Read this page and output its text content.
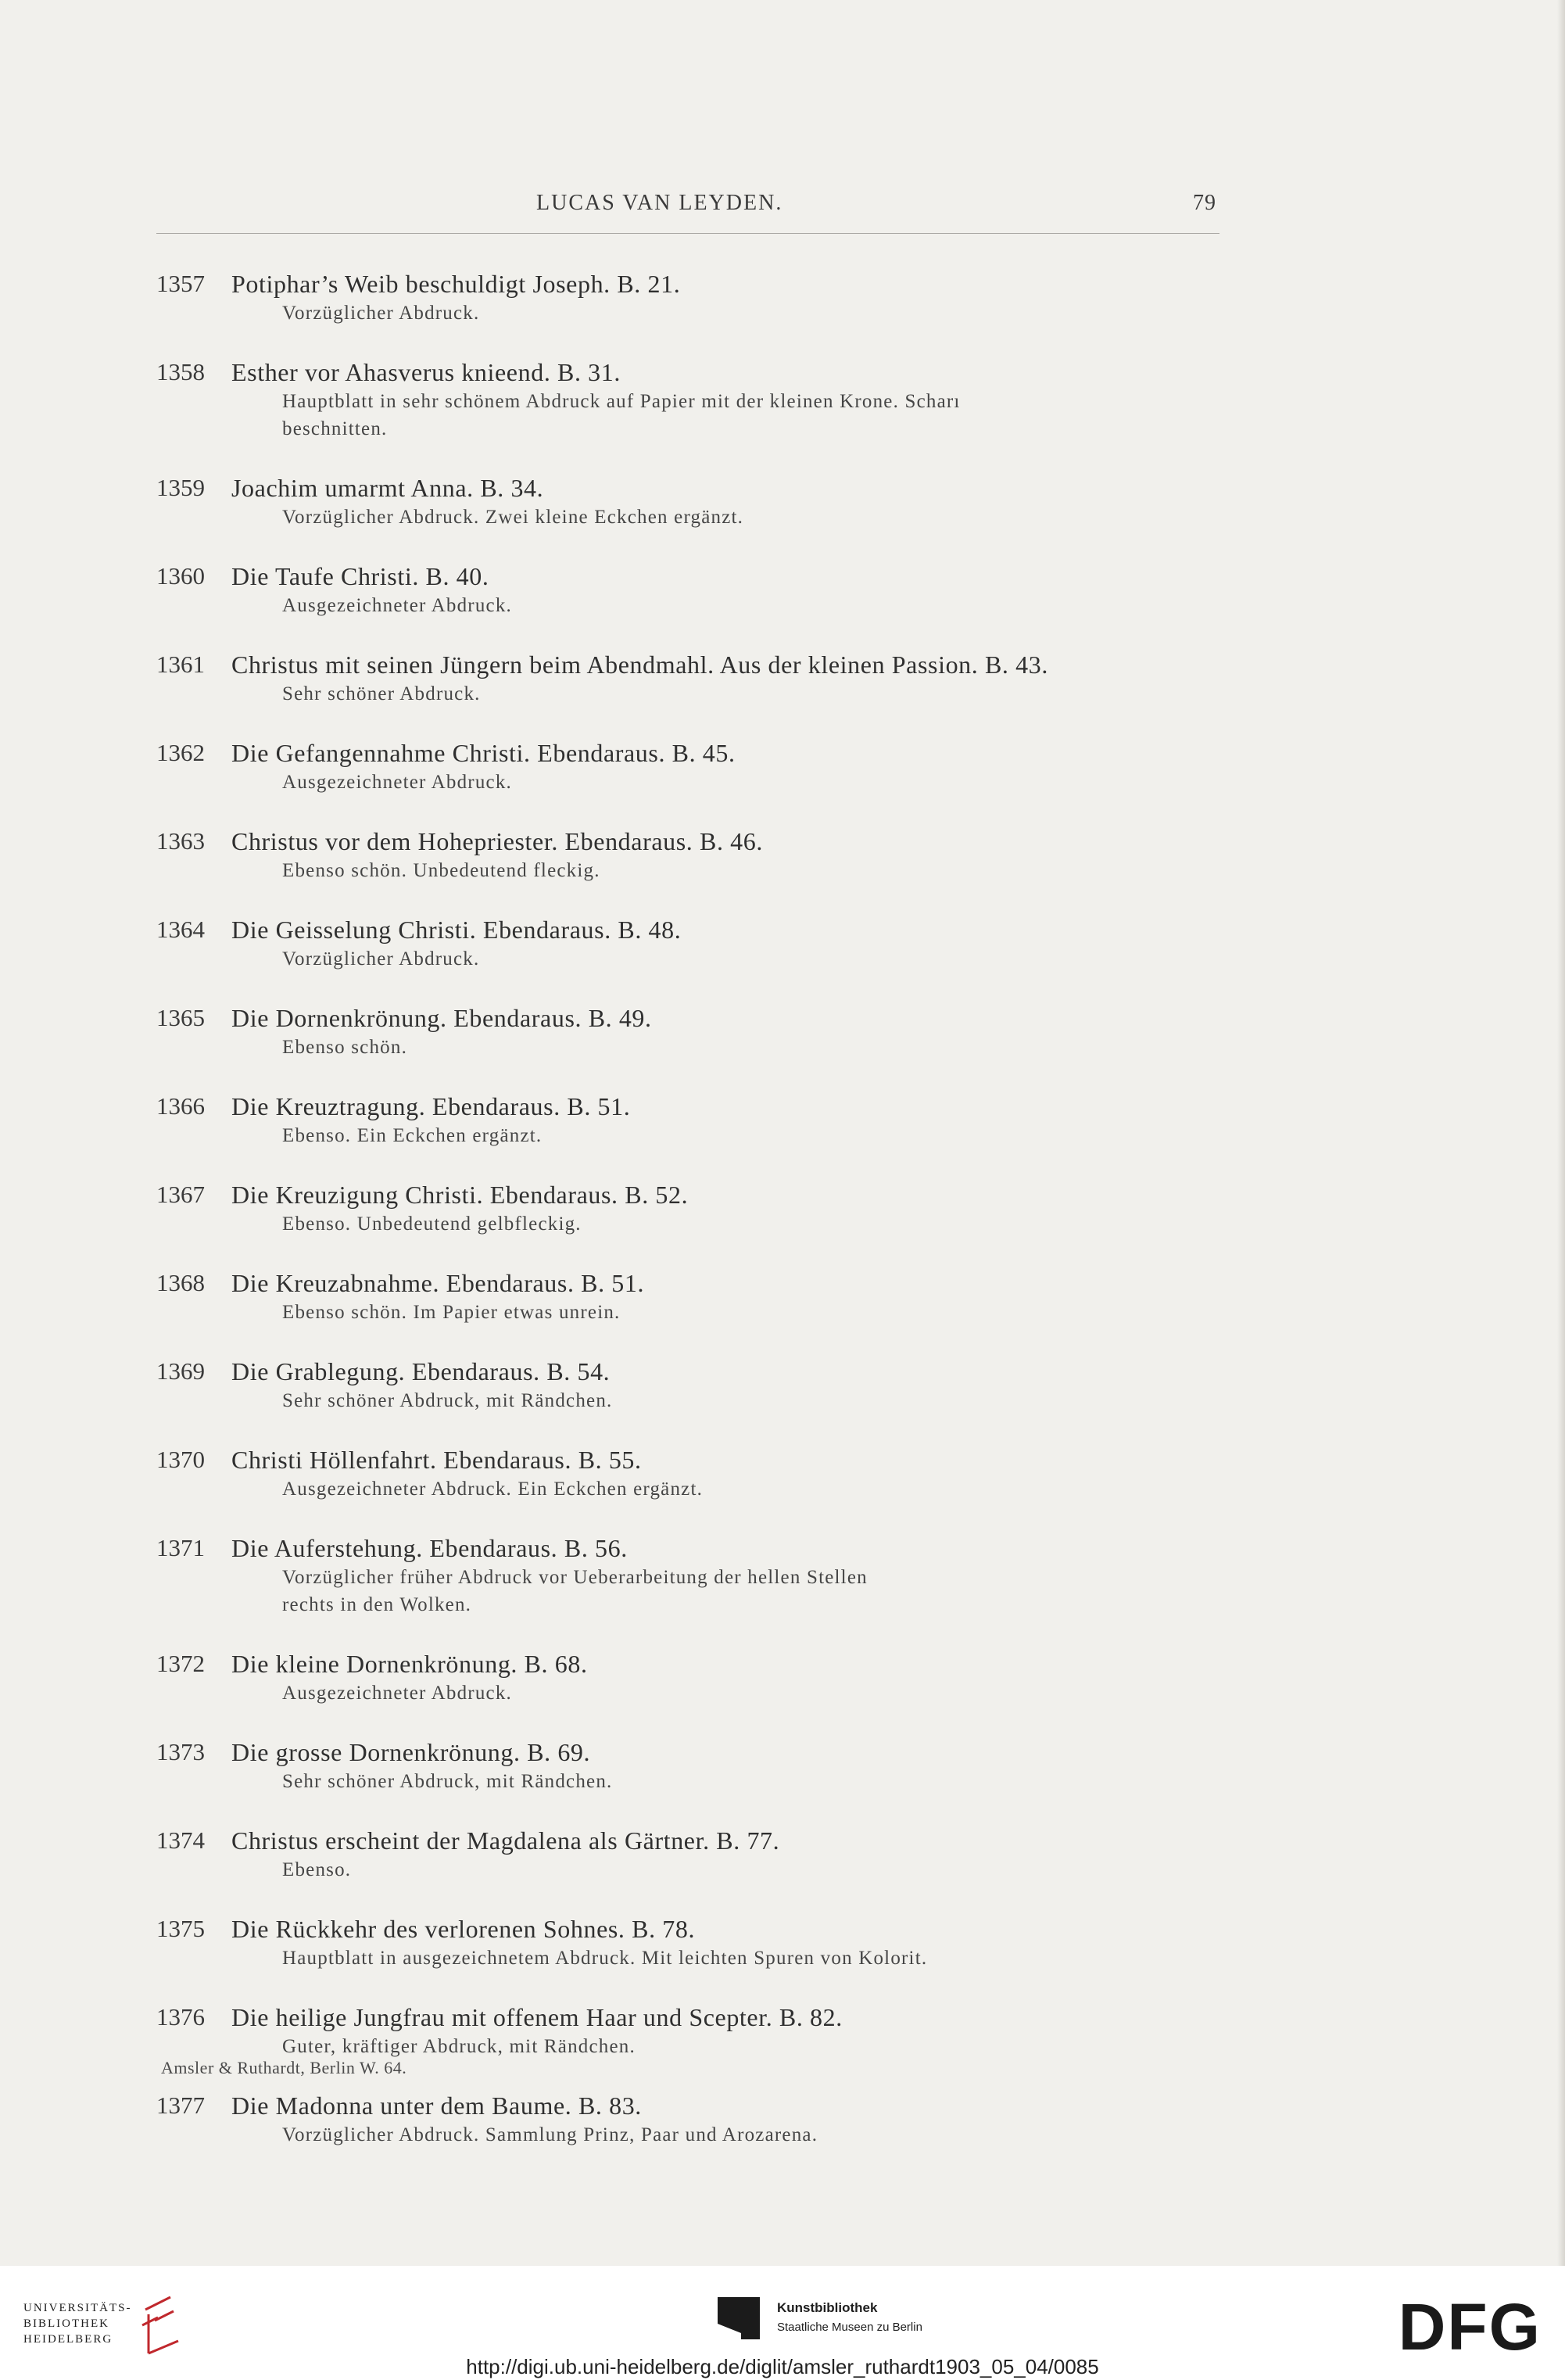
LUCAS VAN LEYDEN.	79
1357	Potiphar’s Weib beschuldigt Joseph. B. 21.
Vorzüglicher Abdruck.
1358	Esther vor Ahasverus knieend. B. 31.
Hauptblatt in sehr schönem Abdruck auf Papier mit der kleinen Krone. Scharı
beschnitten.
1359	Joachim umarmt Anna. B. 34.
Vorzüglicher Abdruck. Zwei kleine Eckchen ergänzt.
1360	Die Taufe Christi. B. 40.
Ausgezeichneter Abdruck.
1361	Christus mit seinen Jüngern beim Abendmahl. Aus der kleinen Passion. B. 43.
Sehr schöner Abdruck.
1362	Die Gefangennahme Christi. Ebendaraus. B. 45.
Ausgezeichneter Abdruck.
1363	Christus vor dem Hohepriester. Ebendaraus. B. 46.
Ebenso schön. Unbedeutend fleckig.
1364	Die Geisselung Christi. Ebendaraus. B. 48.
Vorzüglicher Abdruck.
1365	Die Dornenkrönung. Ebendaraus. B. 49.
Ebenso schön.
1366	Die Kreuztragung. Ebendaraus. B. 51.
Ebenso. Ein Eckchen ergänzt.
1367	Die Kreuzigung Christi. Ebendaraus. B. 52.
Ebenso. Unbedeutend gelbfleckig.
1368	Die Kreuzabnahme. Ebendaraus. B. 51.
Ebenso schön. Im Papier etwas unrein.
1369	Die Grablegung. Ebendaraus. B. 54.
Sehr schöner Abdruck, mit Rändchen.
1370	Christi Höllenfahrt. Ebendaraus. B. 55.
Ausgezeichneter Abdruck. Ein Eckchen ergänzt.
1371	Die Auferstehung. Ebendaraus. B. 56.
Vorzüglicher früher Abdruck vor Ueberarbeitung der hellen Stellen
rechts in den Wolken.
1372	Die kleine Dornenkrönung. B. 68.
Ausgezeichneter Abdruck.
1373	Die grosse Dornenkrönung. B. 69.
Sehr schöner Abdruck, mit Rändchen.
1374	Christus erscheint der Magdalena als Gärtner. B. 77.
Ebenso.
1375	Die Rückkehr des verlorenen Sohnes. B. 78.
Hauptblatt in ausgezeichnetem Abdruck. Mit leichten Spuren von Kolorit.
1376	Die heilige Jungfrau mit offenem Haar und Scepter. B. 82.
Guter, kräftiger Abdruck, mit Rändchen.
1377	Die Madonna unter dem Baume. B. 83.
Vorzüglicher Abdruck. Sammlung Prinz, Paar und Arozarena.
Amsler & Ruthardt, Berlin W. 64.
UNIVERSITÄTS-
BIBLIOTHEK
HEIDELBERG
Kunstbibliothek
Staatliche Museen zu Berlin	DFG
http://digi.ub.uni-heidelberg.de/diglit/amsler_ruthardt1903_05_04/0085
